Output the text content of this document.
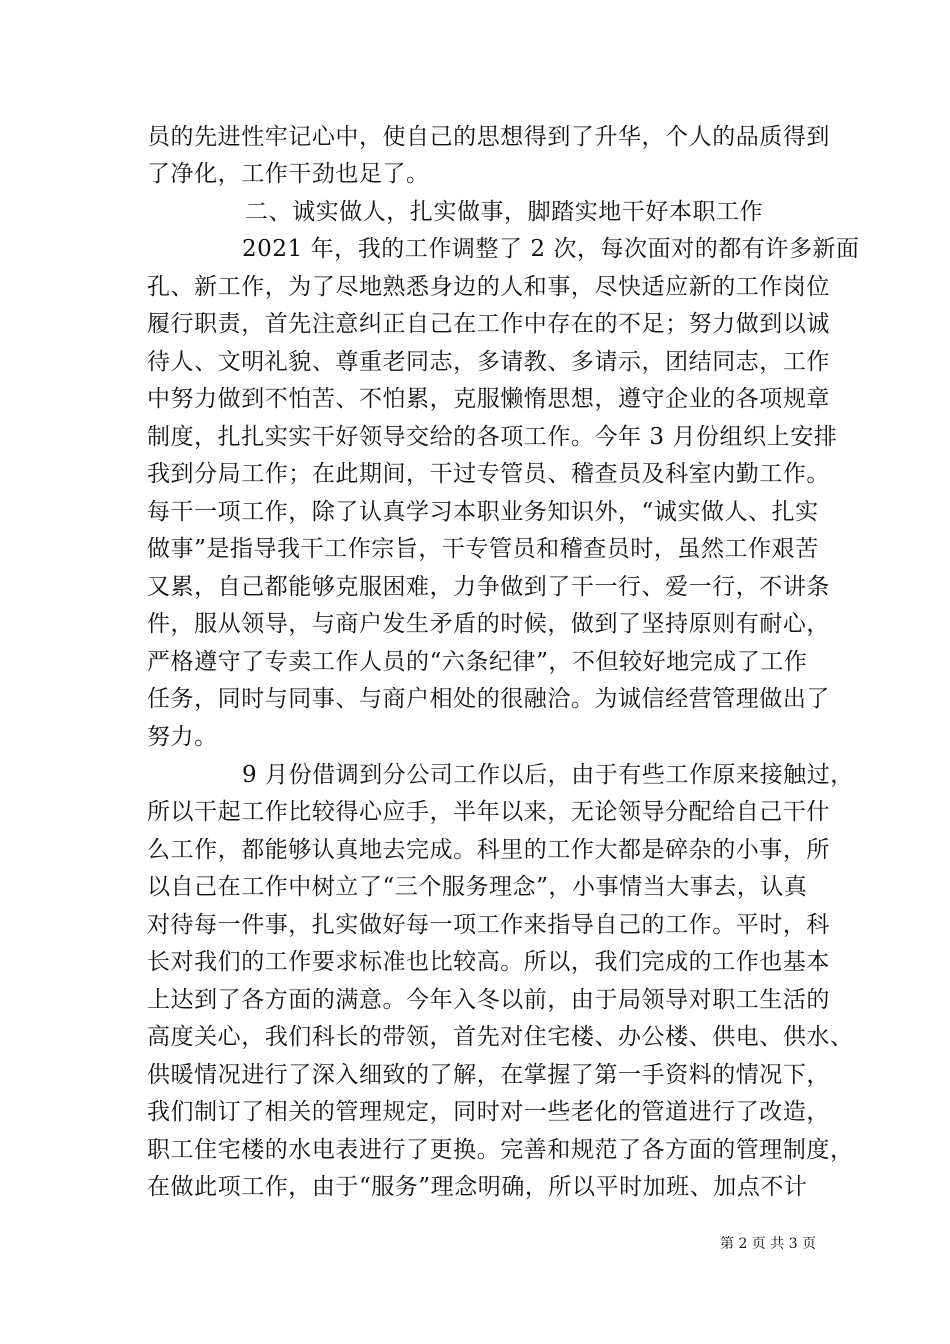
员的先进性牢记心中，使自己的思想得到了升华，个人的品质得到
了净化，工作干劲也足了。
二、诚实做人，扎实做事，脚踏实地干好本职工作
2021 年，我的工作调整了 2 次，每次面对的都有许多新面
孔、新工作，为了尽地熟悉身边的人和事，尽快适应新的工作岗位
履行职责，首先注意纠正自己在工作中存在的不足；努力做到以诚
待人、文明礼貌、尊重老同志，多请教、多请示，团结同志，工作
中努力做到不怕苦、不怕累，克服懒惰思想，遵守企业的各项规章
制度，扎扎实实干好领导交给的各项工作。今年 3 月份组织上安排
我到分局工作；在此期间，干过专管员、稽查员及科室内勤工作。
每干一项工作，除了认真学习本职业务知识外，“诚实做人、扎实
做事”是指导我干工作宗旨，干专管员和稽查员时，虽然工作艰苦
又累，自己都能够克服困难，力争做到了干一行、爱一行，不讲条
件，服从领导，与商户发生矛盾的时候，做到了坚持原则有耐心，
严格遵守了专卖工作人员的“六条纪律”，不但较好地完成了工作
任务，同时与同事、与商户相处的很融洽。为诚信经营管理做出了
努力。
9 月份借调到分公司工作以后，由于有些工作原来接触过，
所以干起工作比较得心应手，半年以来，无论领导分配给自己干什
么工作，都能够认真地去完成。科里的工作大都是碎杂的小事，所
以自己在工作中树立了“三个服务理念”，小事情当大事去，认真
对待每一件事，扎实做好每一项工作来指导自己的工作。平时，科
长对我们的工作要求标准也比较高。所以，我们完成的工作也基本
上达到了各方面的满意。今年入冬以前，由于局领导对职工生活的
高度关心，我们科长的带领，首先对住宅楼、办公楼、供电、供水、
供暖情况进行了深入细致的了解，在掌握了第一手资料的情况下，
我们制订了相关的管理规定，同时对一些老化的管道进行了改造，
职工住宅楼的水电表进行了更换。完善和规范了各方面的管理制度，
在做此项工作，由于“服务”理念明确，所以平时加班、加点不计
第 2 页 共 3 页
